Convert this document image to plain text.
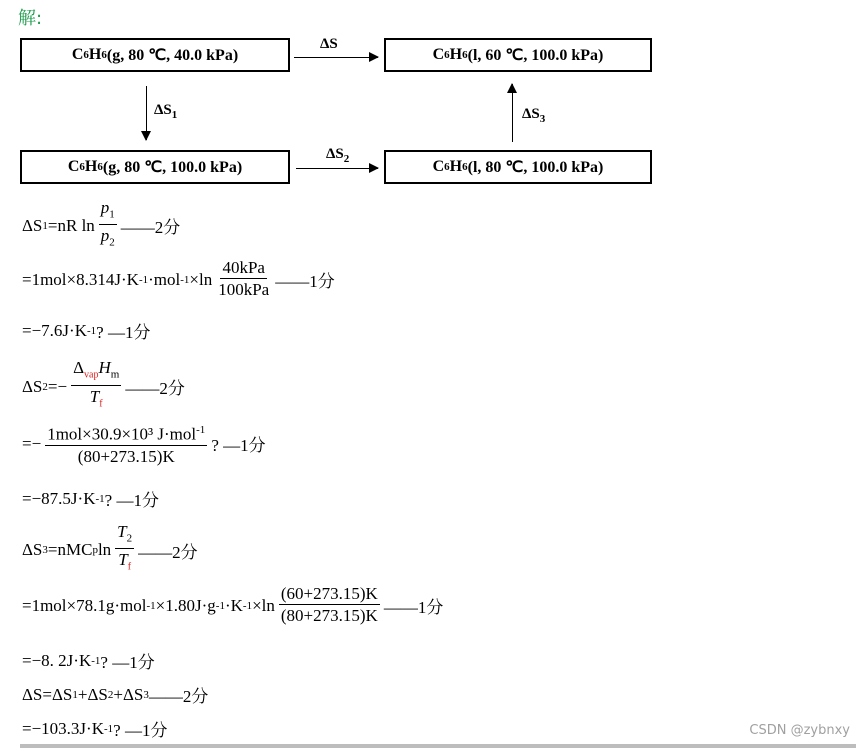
解:
C 6 H 6 (g, 80 ℃, 40.0 kPa)	C 6 H 6 (l, 60 ℃, 100.0 kPa)
C 6 H 6 (g, 80 ℃, 100.0 kPa)	C 6 H 6 (l, 80 ℃, 100.0 kPa)
ΔS
$\Delta S_1$
$\Delta S_2$
$\Delta S_3$
ΔS 1 =nR $\ln \frac{p_1}{p_2}$ ——2分
=1mol×8.314J·K -1 ·mol $-1 \times\ln \frac{\text{40kPa}}{\text{100kPa}}$ ——1分
=−7.6J·K -1 ? —1分
ΔS $2 =- \frac{\Delta_{vap}H_m}{T_f}$ ——2分
=− $\frac{1mol\times 30.9\times 10^3 J\cdot mol^{-1}}{(80+273.15)K}$ ? —1分
=−87.5J·K -1 ? —1分
ΔS 3 =nMC p $\ln \frac{T_2}{T_f}$ ——2分
=1mol×78.1g·mol -1 ×1.80J·g -1 ·K $-1 \times\ln \frac{(60+273.15)K}{(80+273.15)K}$ ——1分
=−8. 2J·K -1 ? —1分
ΔS=ΔS 1 +ΔS 2 +ΔS 3 ——2分
=−103.3J·K -1 ? —1分	CSDN @zybnxy
